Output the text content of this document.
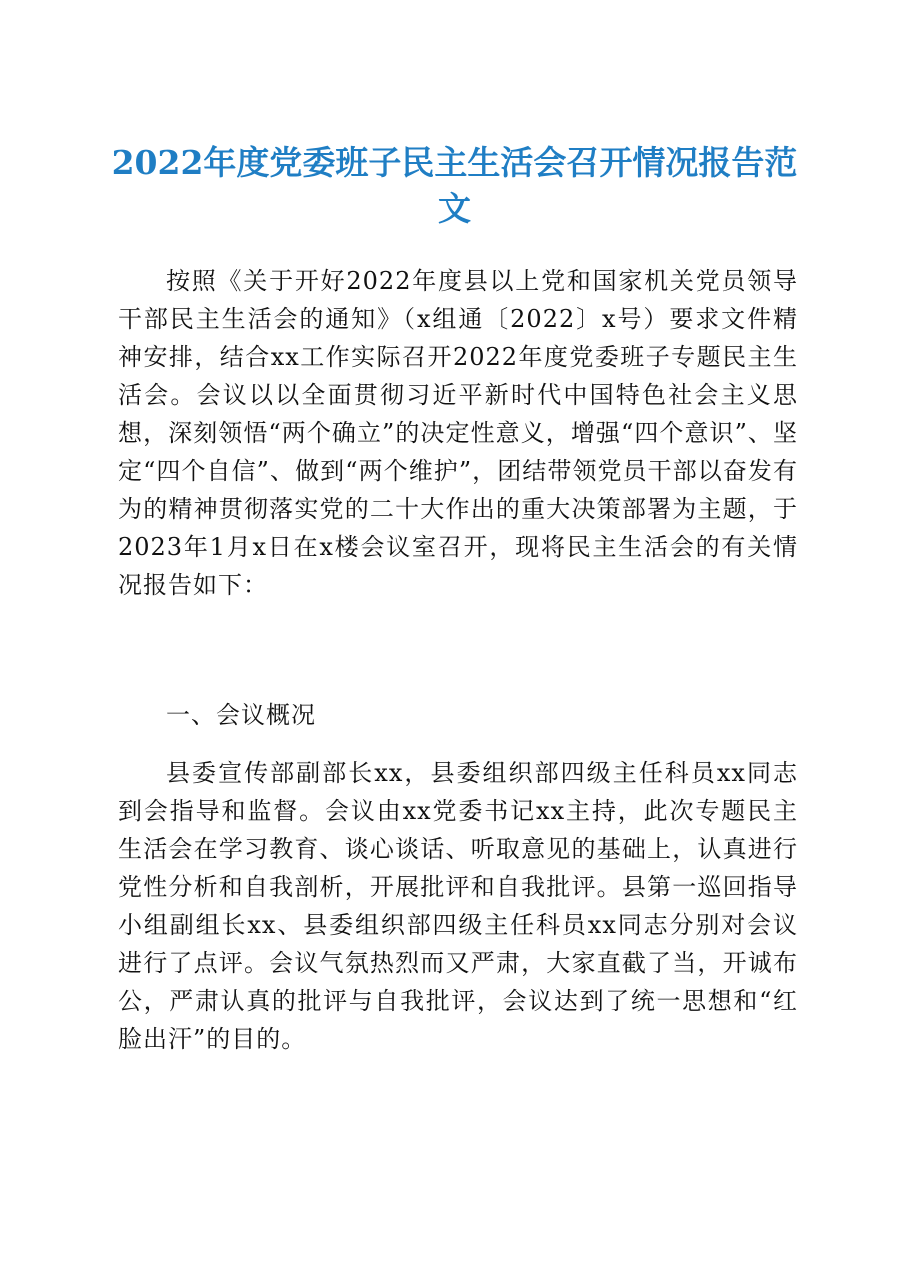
2022年度党委班子民主生活会召开情况报告范文

按照《关于开好2022年度县以上党和国家机关党员领导干部民主生活会的通知》（x组通〔2022〕x号）要求文件精神安排，结合xx工作实际召开2022年度党委班子专题民主生活会。会议以以全面贯彻习近平新时代中国特色社会主义思想，深刻领悟“两个确立”的决定性意义，增强“四个意识”、坚定“四个自信”、做到“两个维护”，团结带领党员干部以奋发有为的精神贯彻落实党的二十大作出的重大决策部署为主题，于2023年1月x日在x楼会议室召开，现将民主生活会的有关情况报告如下：

一、会议概况

县委宣传部副部长xx，县委组织部四级主任科员xx同志到会指导和监督。会议由xx党委书记xx主持，此次专题民主生活会在学习教育、谈心谈话、听取意见的基础上，认真进行党性分析和自我剖析，开展批评和自我批评。县第一巡回指导小组副组长xx、县委组织部四级主任科员xx同志分别对会议进行了点评。会议气氛热烈而又严肃，大家直截了当，开诚布公，严肃认真的批评与自我批评，会议达到了统一思想和“红脸出汗”的目的。
